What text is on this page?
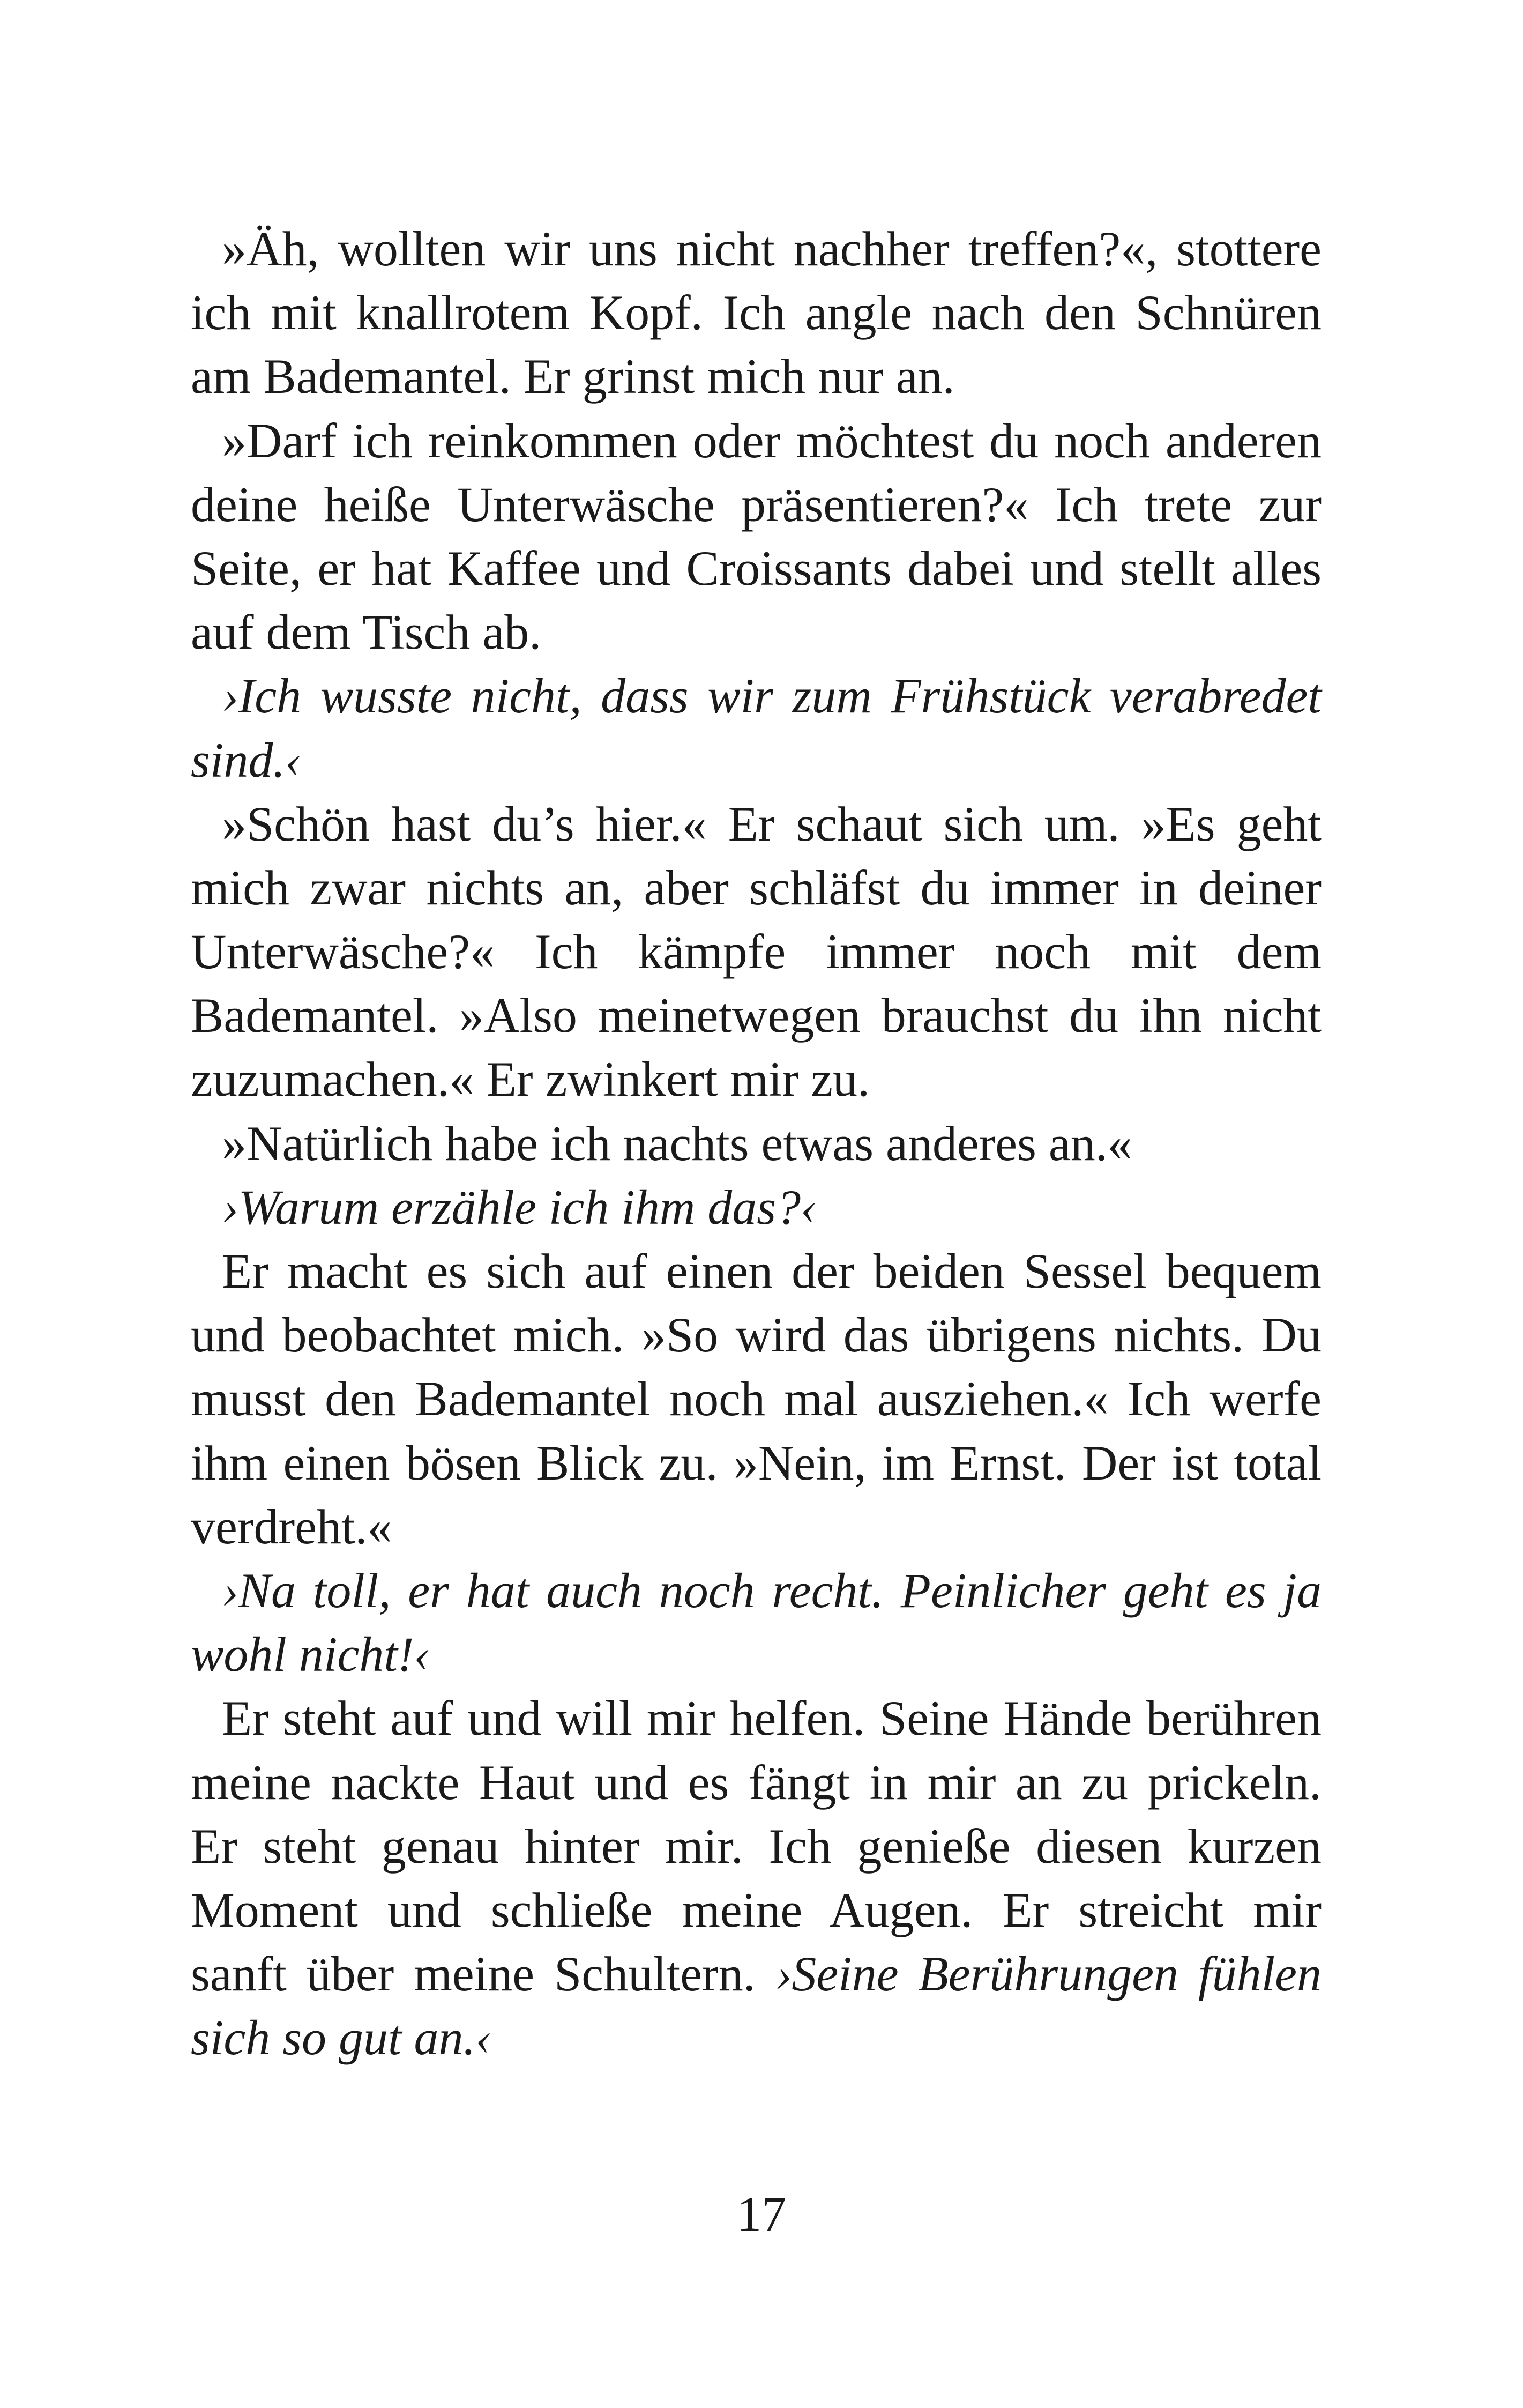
»Äh, wollten wir uns nicht nachher treffen?«, stottere
ich mit knallrotem Kopf. Ich angle nach den Schnüren
am Bademantel. Er grinst mich nur an.
»Darf ich reinkommen oder möchtest du noch anderen
deine heiße Unterwäsche präsentieren?« Ich trete zur
Seite, er hat Kaffee und Croissants dabei und stellt alles
auf dem Tisch ab.
›Ich wusste nicht, dass wir zum Frühstück verabredet
sind.‹
»Schön hast du’s hier.« Er schaut sich um. »Es geht
mich zwar nichts an, aber schläfst du immer in deiner
Unterwäsche?« Ich kämpfe immer noch mit dem
Bademantel. »Also meinetwegen brauchst du ihn nicht
zuzumachen.« Er zwinkert mir zu.
»Natürlich habe ich nachts etwas anderes an.«
›Warum erzähle ich ihm das?‹
Er macht es sich auf einen der beiden Sessel bequem
und beobachtet mich. »So wird das übrigens nichts. Du
musst den Bademantel noch mal ausziehen.« Ich werfe
ihm einen bösen Blick zu. »Nein, im Ernst. Der ist total
verdreht.«
›Na toll, er hat auch noch recht. Peinlicher geht es ja
wohl nicht!‹
Er steht auf und will mir helfen. Seine Hände berühren
meine nackte Haut und es fängt in mir an zu prickeln.
Er steht genau hinter mir. Ich genieße diesen kurzen
Moment und schließe meine Augen. Er streicht mir
sanft über meine Schultern. ›Seine Berührungen fühlen
sich so gut an.‹
17
